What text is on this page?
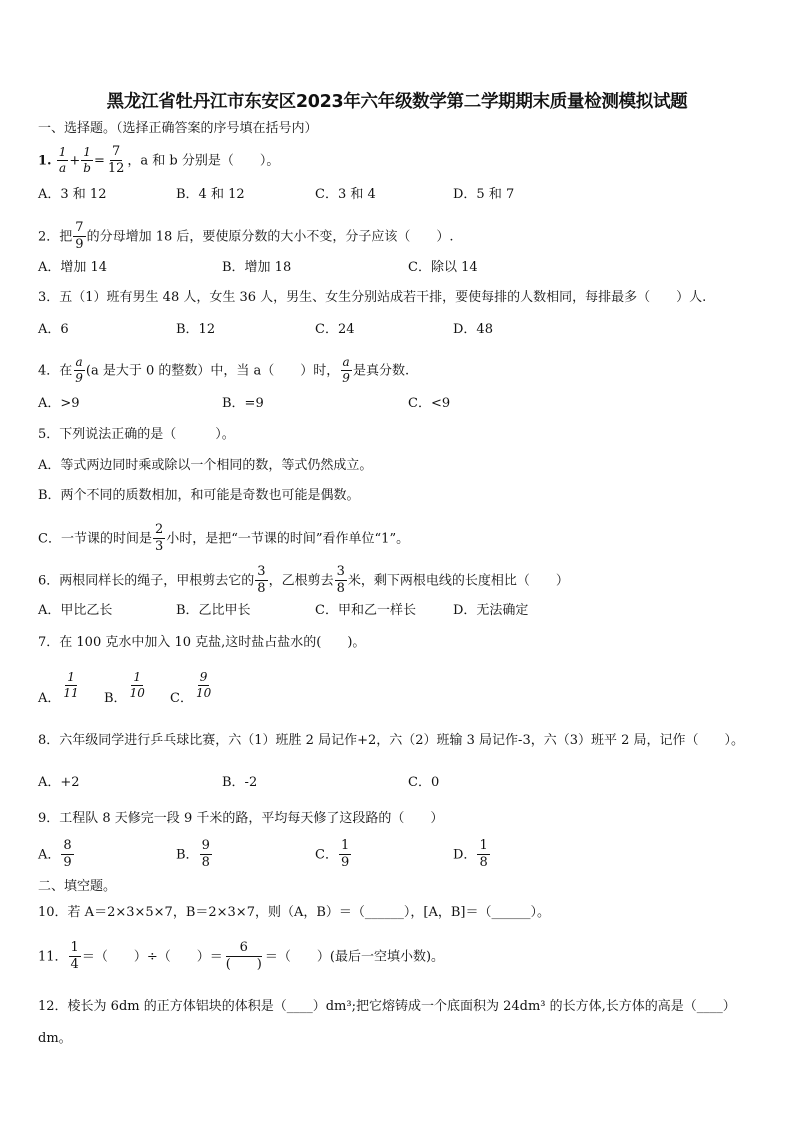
黑龙江省牡丹江市东安区2023年六年级数学第二学期期末质量检测模拟试题
一、选择题。（选择正确答案的序号填在括号内）
1. $\frac{1}{a} + \frac{1}{b} = \frac{7}{12}$ ，a 和 b 分别是（　　）。
A．3 和 12	B．4 和 12	C．3 和 4	D．5 和 7
2．把 $\frac{7}{9}$ 的分母增加 18 后，要使原分数的大小不变，分子应该（　　）.
A．增加 14	B．增加 18	C．除以 14
3．五（1）班有男生 48 人，女生 36 人，男生、女生分别站成若干排，要使每排的人数相同，每排最多（　　）人.
A．6	B．12	C．24	D．48
4．在 $\frac{a}{9} (a$ 是大于 0 的整数）中，当 a（　　）时， $\frac{a}{9}$ 是真分数.
A．>9	B．=9	C．<9
5．下列说法正确的是（　　　）。
A．等式两边同时乘或除以一个相同的数，等式仍然成立。
B．两个不同的质数相加，和可能是奇数也可能是偶数。
C．一节课的时间是 $\frac{2}{3}$ 小时，是把“一节课的时间”看作单位“1”。
6．两根同样长的绳子，甲根剪去它的 $\frac{3}{8}$ ，乙根剪去 $\frac{3}{8}$ 米，剩下两根电线的长度相比（　　）
A．甲比乙长	B．乙比甲长	C．甲和乙一样长	D．无法确定
7．在 100 克水中加入 10 克盐,这时盐占盐水的(　　)。
A． $\frac{1}{11}$ B． $\frac{1}{10}$ C． $\frac{9}{10}$
8．六年级同学进行乒乓球比赛，六（1）班胜 2 局记作+2，六（2）班输 3 局记作-3，六（3）班平 2 局，记作（　　）。
A．+2	B．-2	C．0
9．工程队 8 天修完一段 9 千米的路，平均每天修了这段路的（　　）
A． $\frac{8}{9}$	B． $\frac{9}{8}$	C． $\frac{1}{9}$	D． $\frac{1}{8}$
二、填空题。
10．若 A＝2×3×5×7，B＝2×3×7，则（A，B）＝（______），[A，B]＝（______）。
11． $\frac{1}{4}$ ＝（　　）÷（　　）＝ $\frac{6}{( )}$ ＝（　　）(最后一空填小数)。
12．棱长为 6dm 的正方体铝块的体积是（____）dm³;把它熔铸成一个底面积为 24dm³ 的长方体,长方体的高是（____）
dm。
